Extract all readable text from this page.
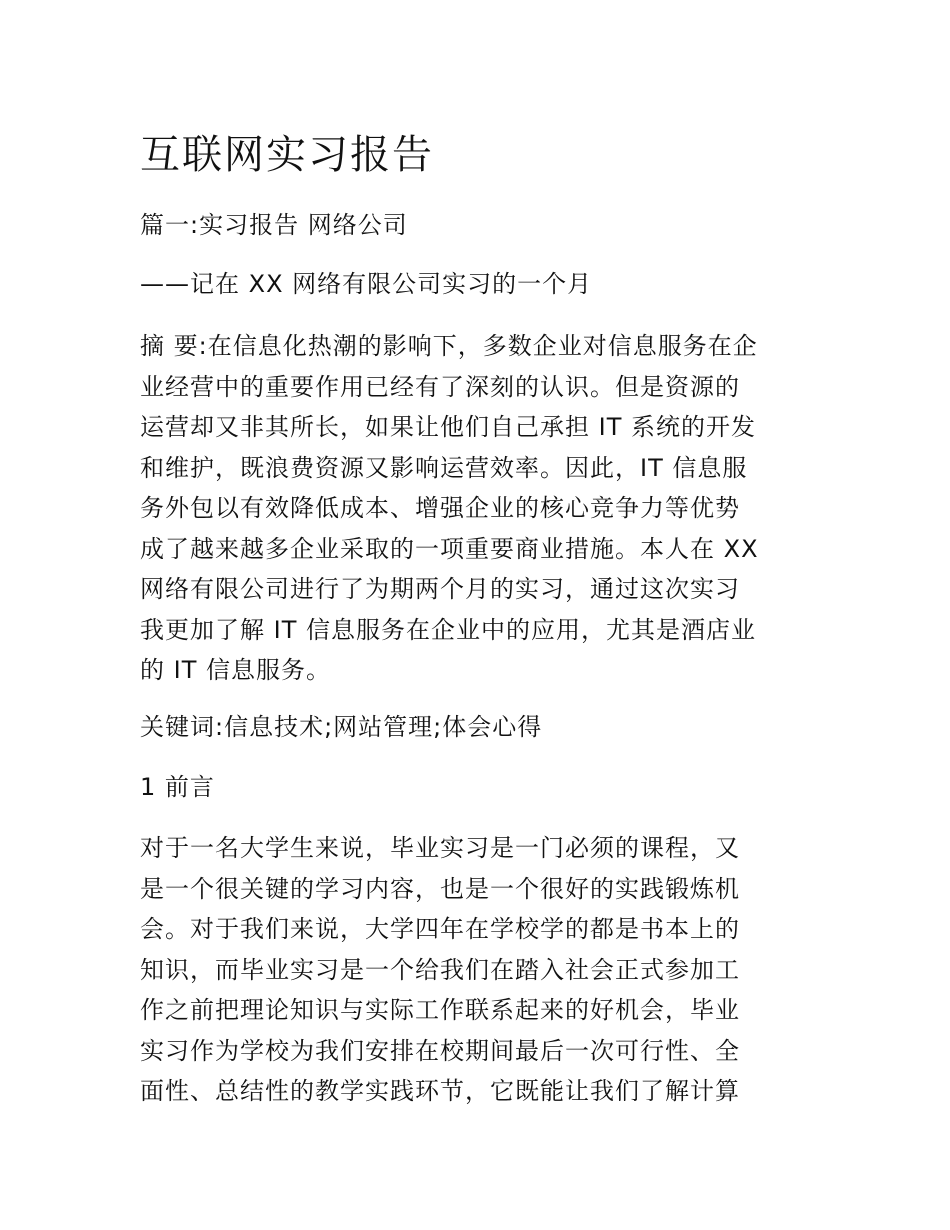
互联网实习报告

篇一:实习报告 网络公司

——记在 XX 网络有限公司实习的一个月

摘 要:在信息化热潮的影响下，多数企业对信息服务在企
业经营中的重要作用已经有了深刻的认识。但是资源的
运营却又非其所长，如果让他们自己承担 IT 系统的开发
和维护，既浪费资源又影响运营效率。因此，IT 信息服
务外包以有效降低成本、增强企业的核心竞争力等优势
成了越来越多企业采取的一项重要商业措施。本人在 XX
网络有限公司进行了为期两个月的实习，通过这次实习
我更加了解 IT 信息服务在企业中的应用，尤其是酒店业
的 IT 信息服务。

关键词:信息技术;网站管理;体会心得

1 前言

对于一名大学生来说，毕业实习是一门必须的课程，又
是一个很关键的学习内容，也是一个很好的实践锻炼机
会。对于我们来说，大学四年在学校学的都是书本上的
知识，而毕业实习是一个给我们在踏入社会正式参加工
作之前把理论知识与实际工作联系起来的好机会，毕业
实习作为学校为我们安排在校期间最后一次可行性、全
面性、总结性的教学实践环节，它既能让我们了解计算
